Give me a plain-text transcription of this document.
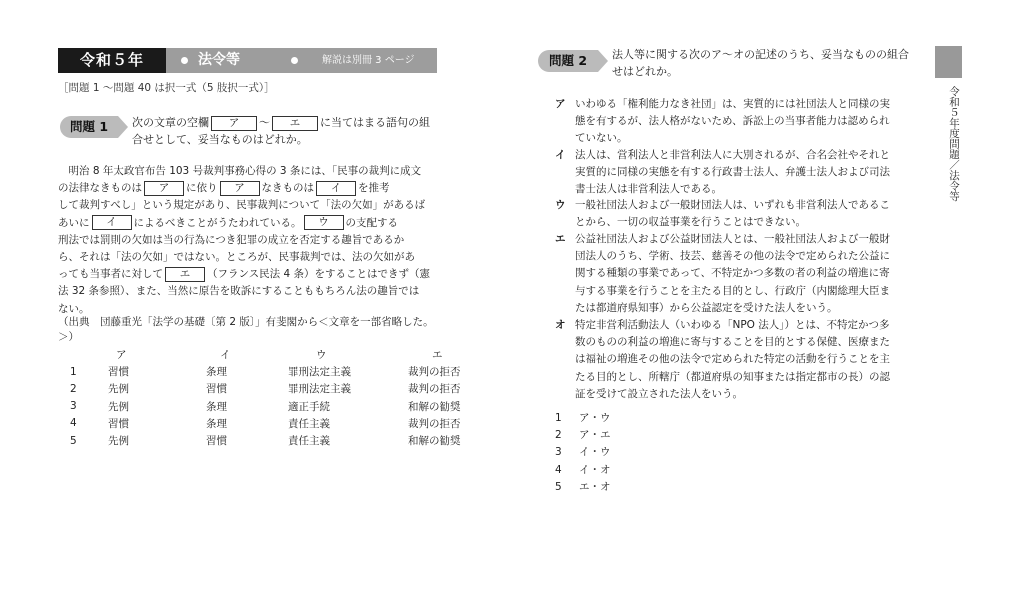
令和５年	法令等	解説は別冊 3 ページ
［問題 1 ～問題 40 は択一式（5 肢択一式）］
問題 1	次の文章の空欄 ア ～ エ に当てはまる語句の組
合せとして、妥当なものはどれか。
明治 8 年太政官布告 103 号裁判事務心得の 3 条には、「民事の裁判に成文
の法律なきものは ア に依り ア なきものは イ を推考
して裁判すべし」という規定があり、民事裁判について「法の欠如」があるば
あいに イ によるべきことがうたわれている。 ウ の支配する
刑法では罰則の欠如は当の行為につき犯罪の成立を否定する趣旨であるか
ら、それは「法の欠如」ではない。ところが、民事裁判では、法の欠如があ
っても当事者に対して エ （フランス民法 4 条）をすることはできず（憲
法 32 条参照）、また、当然に原告を敗訴にすることももちろん法の趣旨では
ない。
（出典　団藤重光「法学の基礎〔第 2 版〕」有斐閣から＜文章を一部省略した。＞）
	ア	イ	ウ	エ
1	習慣	条理	罪刑法定主義	裁判の拒否
2	先例	習慣	罪刑法定主義	裁判の拒否
3	先例	条理	適正手続	和解の勧奨
4	習慣	条理	責任主義	裁判の拒否
5	先例	習慣	責任主義	和解の勧奨
問題 2	法人等に関する次のア～オの記述のうち、妥当なものの組合
せはどれか。
ア いわゆる「権利能力なき社団」は、実質的には社団法人と同様の実
態を有するが、法人格がないため、訴訟上の当事者能力は認められ
ていない。
イ 法人は、営利法人と非営利法人に大別されるが、合名会社やそれと
実質的に同様の実態を有する行政書士法人、弁護士法人および司法
書士法人は非営利法人である。
ウ 一般社団法人および一般財団法人は、いずれも非営利法人であるこ
とから、一切の収益事業を行うことはできない。
エ 公益社団法人および公益財団法人とは、一般社団法人および一般財
団法人のうち、学術、技芸、慈善その他の法令で定められた公益に
関する種類の事業であって、不特定かつ多数の者の利益の増進に寄
与する事業を行うことを主たる目的とし、行政庁（内閣総理大臣ま
たは都道府県知事）から公益認定を受けた法人をいう。
オ 特定非営利活動法人（いわゆる「NPO 法人」）とは、不特定かつ多
数のものの利益の増進に寄与することを目的とする保健、医療また
は福祉の増進その他の法令で定められた特定の活動を行うことを主
たる目的とし、所轄庁（都道府県の知事または指定都市の長）の認
証を受けて設立された法人をいう。
1 ア・ウ
2 ア・エ
3 イ・ウ
4 イ・オ
5 エ・オ
令和５年度問題／法令等
